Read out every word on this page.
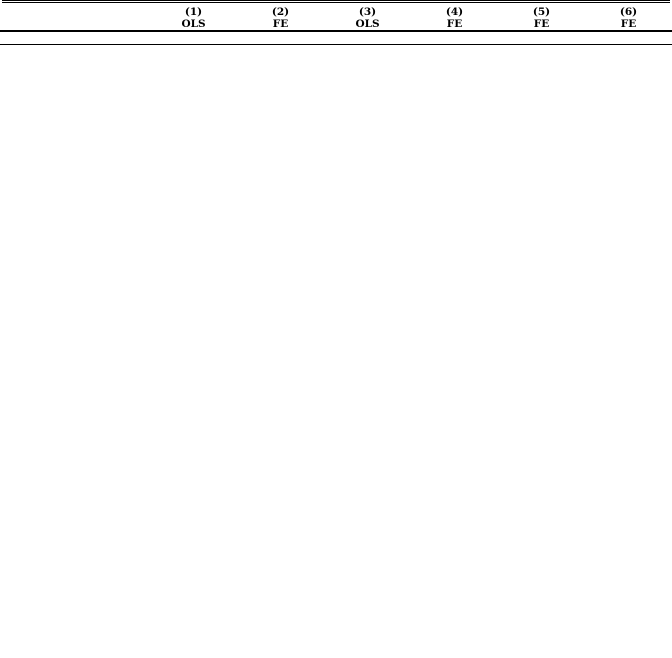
	(1)	(2)	(3)	(4)	(5)	(6)
	OLS	FE	OLS	FE	FE	FE
